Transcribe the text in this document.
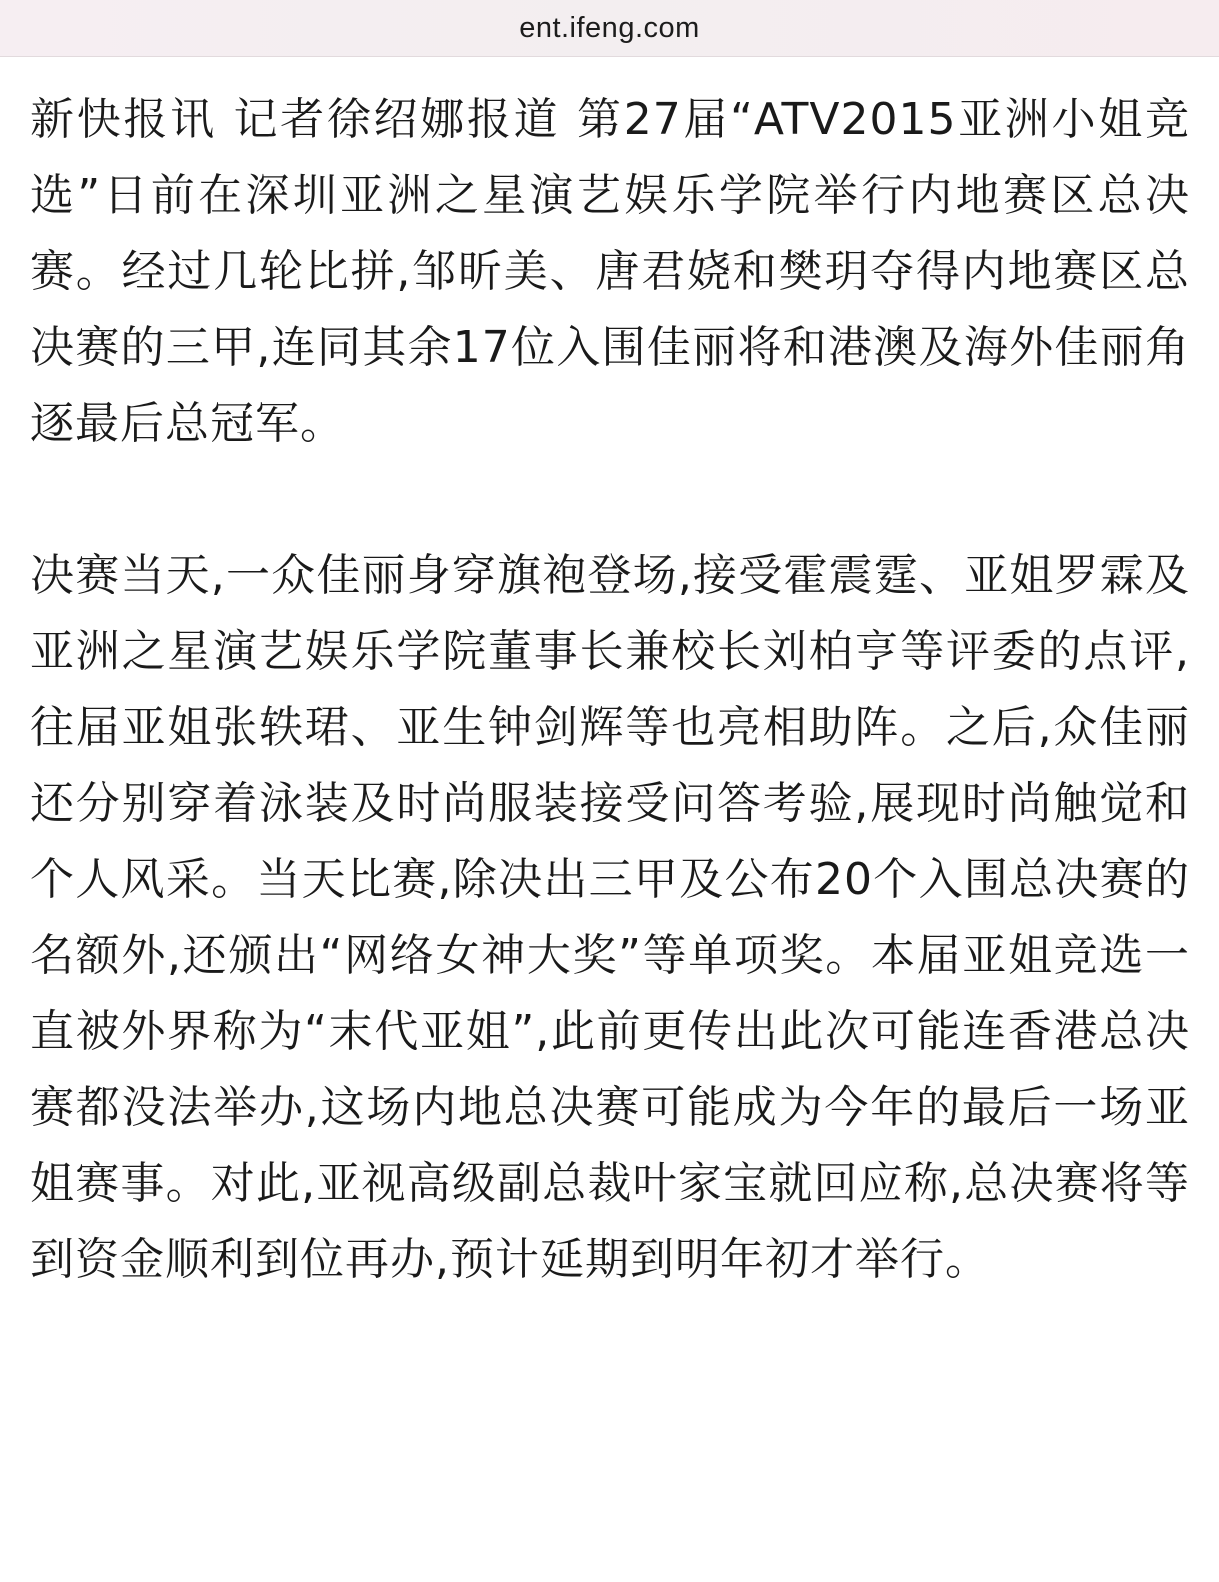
ent.ifeng.com

新快报讯 记者徐绍娜报道 第27届“ATV2015亚洲小姐竞选”日前在深圳亚洲之星演艺娱乐学院举行内地赛区总决赛。经过几轮比拼,邹昕美、唐君娆和樊玥夺得内地赛区总决赛的三甲,连同其余17位入围佳丽将和港澳及海外佳丽角逐最后总冠军。

决赛当天,一众佳丽身穿旗袍登场,接受霍震霆、亚姐罗霖及亚洲之星演艺娱乐学院董事长兼校长刘柏亨等评委的点评,往届亚姐张轶珺、亚生钟剑辉等也亮相助阵。之后,众佳丽还分别穿着泳装及时尚服装接受问答考验,展现时尚触觉和个人风采。当天比赛,除决出三甲及公布20个入围总决赛的名额外,还颁出“网络女神大奖”等单项奖。本届亚姐竞选一直被外界称为“末代亚姐”,此前更传出此次可能连香港总决赛都没法举办,这场内地总决赛可能成为今年的最后一场亚姐赛事。对此,亚视高级副总裁叶家宝就回应称,总决赛将等到资金顺利到位再办,预计延期到明年初才举行。
